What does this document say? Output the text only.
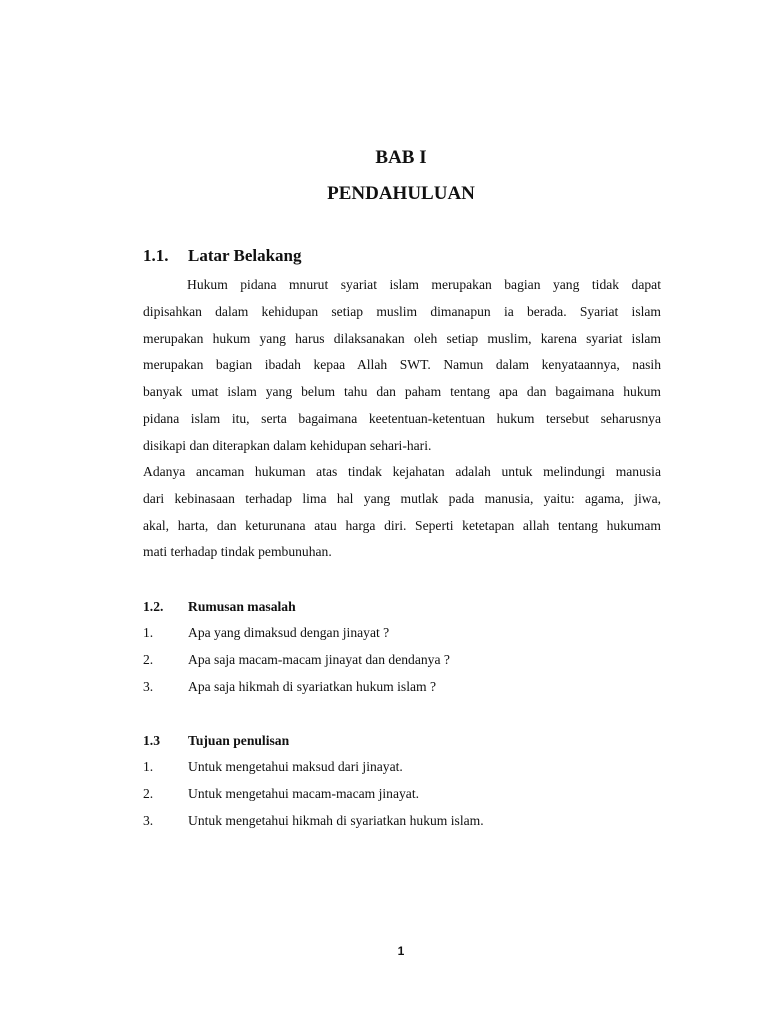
BAB I
PENDAHULUAN
1.1. Latar Belakang
Hukum pidana mnurut syariat islam merupakan bagian yang tidak dapat
dipisahkan dalam kehidupan setiap muslim dimanapun ia berada. Syariat islam
merupakan hukum yang harus dilaksanakan oleh setiap muslim, karena syariat islam
merupakan bagian ibadah kepaa Allah SWT. Namun dalam kenyataannya, nasih
banyak umat islam yang belum tahu dan paham tentang apa dan bagaimana hukum
pidana islam itu, serta bagaimana keetentuan-ketentuan hukum tersebut seharusnya
disikapi dan diterapkan dalam kehidupan sehari-hari.
Adanya ancaman hukuman atas tindak kejahatan adalah untuk melindungi manusia
dari kebinasaan terhadap lima hal yang mutlak pada manusia, yaitu: agama, jiwa,
akal, harta, dan keturunana atau harga diri. Seperti ketetapan allah tentang hukumam
mati terhadap tindak pembunuhan.
1.2. Rumusan masalah
1.	Apa yang dimaksud dengan jinayat ?
2.	Apa saja macam-macam jinayat dan dendanya ?
3.	Apa saja hikmah di syariatkan hukum islam ?
1.3 Tujuan penulisan
1.	Untuk mengetahui maksud dari jinayat.
2.	Untuk mengetahui macam-macam jinayat.
3.	Untuk mengetahui hikmah di syariatkan hukum islam.
1
